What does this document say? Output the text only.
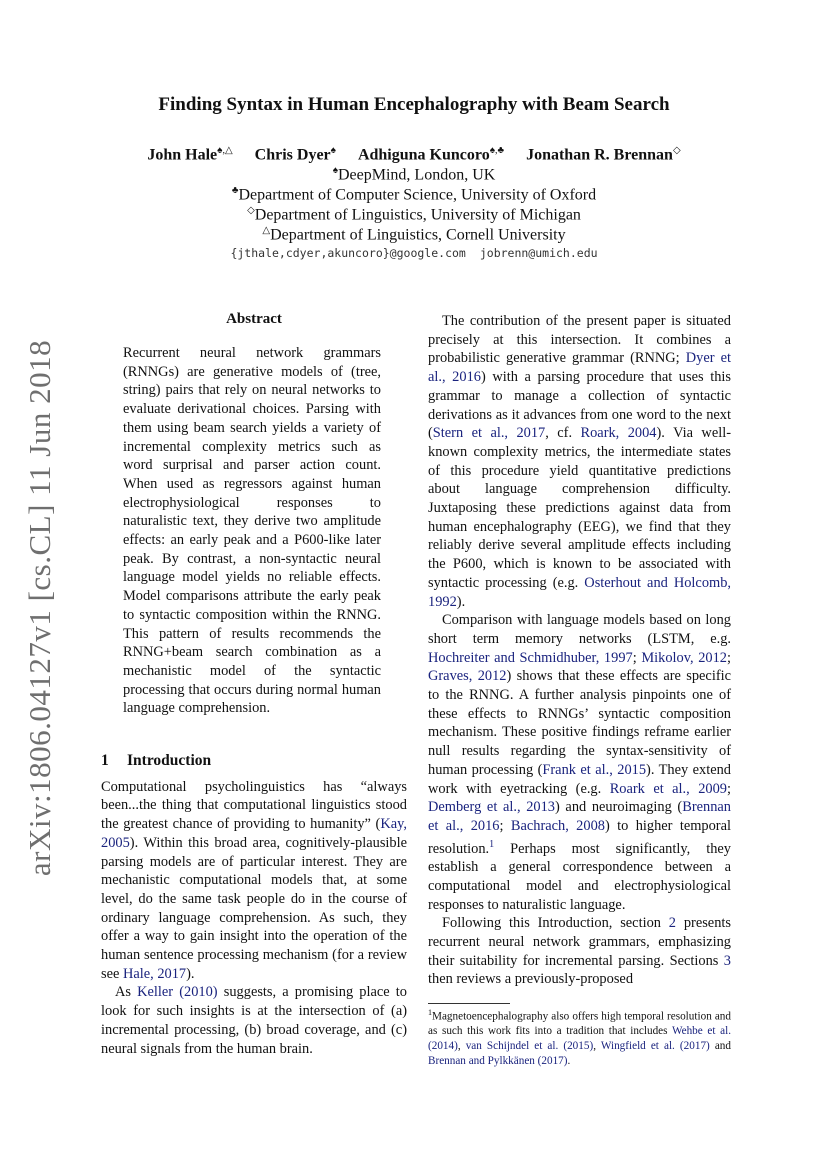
arXiv:1806.04127v1 [cs.CL] 11 Jun 2018
Finding Syntax in Human Encephalography with Beam Search
John Hale♠,△ Chris Dyer♠ Adhiguna Kuncoro♠,♣ Jonathan R. Brennan◇
♠DeepMind, London, UK
♣Department of Computer Science, University of Oxford
◇Department of Linguistics, University of Michigan
△Department of Linguistics, Cornell University
{jthale,cdyer,akuncoro}@google.com jobrenn@umich.edu
Abstract
Recurrent neural network grammars (RNNGs) are generative models of (tree, string) pairs that rely on neural networks to evaluate derivational choices. Parsing with them using beam search yields a variety of incremental complexity metrics such as word surprisal and parser action count. When used as regressors against human electrophysiological responses to naturalistic text, they derive two amplitude effects: an early peak and a P600-like later peak. By contrast, a non-syntactic neural language model yields no reliable effects. Model comparisons attribute the early peak to syntactic composition within the RNNG. This pattern of results recommends the RNNG+beam search combination as a mechanistic model of the syntactic processing that occurs during normal human language comprehension.
1 Introduction

Computational psycholinguistics has “always been...the thing that computational linguistics stood the greatest chance of providing to humanity” (Kay, 2005). Within this broad area, cognitively-plausible parsing models are of particular interest. They are mechanistic computational models that, at some level, do the same task people do in the course of ordinary language comprehension. As such, they offer a way to gain insight into the operation of the human sentence processing mechanism (for a review see Hale, 2017).

As Keller (2010) suggests, a promising place to look for such insights is at the intersection of (a) incremental processing, (b) broad coverage, and (c) neural signals from the human brain.

The contribution of the present paper is situated precisely at this intersection. It combines a probabilistic generative grammar (RNNG; Dyer et al., 2016) with a parsing procedure that uses this grammar to manage a collection of syntactic derivations as it advances from one word to the next (Stern et al., 2017, cf. Roark, 2004). Via well-known complexity metrics, the intermediate states of this procedure yield quantitative predictions about language comprehension difficulty. Juxtaposing these predictions against data from human encephalography (EEG), we find that they reliably derive several amplitude effects including the P600, which is known to be associated with syntactic processing (e.g. Osterhout and Holcomb, 1992).

Comparison with language models based on long short term memory networks (LSTM, e.g. Hochreiter and Schmidhuber, 1997; Mikolov, 2012; Graves, 2012) shows that these effects are specific to the RNNG. A further analysis pinpoints one of these effects to RNNGs’ syntactic composition mechanism. These positive findings reframe earlier null results regarding the syntax-sensitivity of human processing (Frank et al., 2015). They extend work with eyetracking (e.g. Roark et al., 2009; Demberg et al., 2013) and neuroimaging (Brennan et al., 2016; Bachrach, 2008) to higher temporal resolution.$^1$ Perhaps most significantly, they establish a general correspondence between a computational model and electrophysiological responses to naturalistic language.

Following this Introduction, section 2 presents recurrent neural network grammars, emphasizing their suitability for incremental parsing. Sections 3 then reviews a previously-proposed

$^1$Magnetoencephalography also offers high temporal resolution and as such this work fits into a tradition that includes Wehbe et al. (2014), van Schijndel et al. (2015), Wingfield et al. (2017) and Brennan and Pylkkänen (2017).
